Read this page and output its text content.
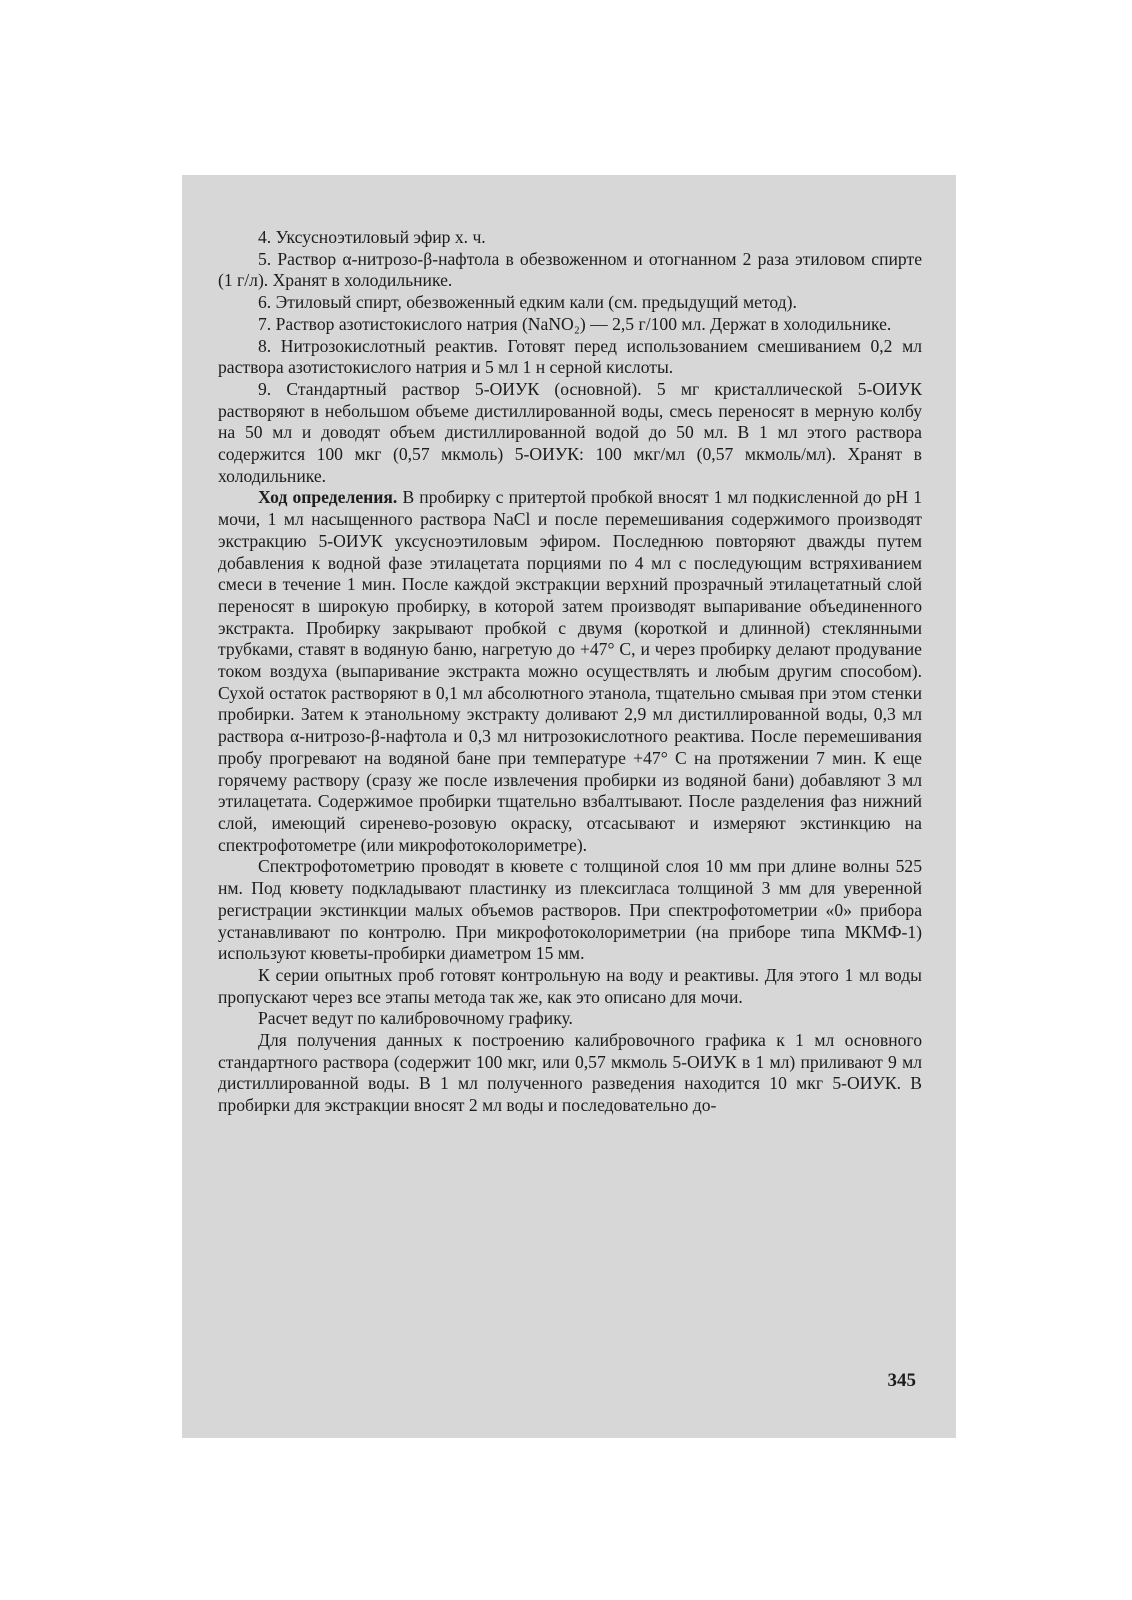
4. Уксусноэтиловый эфир х. ч.

5. Раствор α-нитрозо-β-нафтола в обезвоженном и отогнанном 2 раза этиловом спирте (1 г/л). Хранят в холодильнике.

6. Этиловый спирт, обезвоженный едким кали (см. предыдущий метод).

7. Раствор азотистокислого натрия (NaNO₂) — 2,5 г/100 мл. Держат в холодильнике.

8. Нитрозокислотный реактив. Готовят перед использованием смешиванием 0,2 мл раствора азотистокислого натрия и 5 мл 1 н серной кислоты.

9. Стандартный раствор 5-ОИУК (основной). 5 мг кристаллической 5-ОИУК растворяют в небольшом объеме дистиллированной воды, смесь переносят в мерную колбу на 50 мл и доводят объем дистиллированной водой до 50 мл. В 1 мл этого раствора содержится 100 мкг (0,57 мкмоль) 5-ОИУК: 100 мкг/мл (0,57 мкмоль/мл). Хранят в холодильнике.

Ход определения. В пробирку с притертой пробкой вносят 1 мл подкисленной до pH 1 мочи, 1 мл насыщенного раствора NaCl и после перемешивания содержимого производят экстракцию 5-ОИУК уксусноэтиловым эфиром. Последнюю повторяют дважды путем добавления к водной фазе этилацетата порциями по 4 мл с последующим встряхиванием смеси в течение 1 мин. После каждой экстракции верхний прозрачный этилацетатный слой переносят в широкую пробирку, в которой затем производят выпаривание объединенного экстракта. Пробирку закрывают пробкой с двумя (короткой и длинной) стеклянными трубками, ставят в водяную баню, нагретую до +47° С, и через пробирку делают продувание током воздуха (выпаривание экстракта можно осуществлять и любым другим способом). Сухой остаток растворяют в 0,1 мл абсолютного этанола, тщательно смывая при этом стенки пробирки. Затем к этанольному экстракту доливают 2,9 мл дистиллированной воды, 0,3 мл раствора α-нитрозо-β-нафтола и 0,3 мл нитрозокислотного реактива. После перемешивания пробу прогревают на водяной бане при температуре +47° С на протяжении 7 мин. К еще горячему раствору (сразу же после извлечения пробирки из водяной бани) добавляют 3 мл этилацетата. Содержимое пробирки тщательно взбалтывают. После разделения фаз нижний слой, имеющий сиреневo-розовую окраску, отсасывают и измеряют экстинкцию на спектрофотометре (или микрофотоколориметре).

Спектрофотометрию проводят в кювете с толщиной слоя 10 мм при длине волны 525 нм. Под кювету подкладывают пластинку из плексиглаcа толщиной 3 мм для уверенной регистрации экстинкции малых объемов растворов. При спектрофотометрии «0» прибора устанавливают по контролю. При микрофотоколориметрии (на приборе типа МКМФ-1) используют кюветы-пробирки диаметром 15 мм.

К серии опытных проб готовят контрольную на воду и реактивы. Для этого 1 мл воды пропускают через все этапы метода так же, как это описано для мочи.

Расчет ведут по калибровочному графику.

Для получения данных к построению калибровочного графика к 1 мл основного стандартного раствора (содержит 100 мкг, или 0,57 мкмоль 5-ОИУК в 1 мл) приливают 9 мл дистиллированной воды. В 1 мл полученного разведения находится 10 мкг 5-ОИУК. В пробирки для экстракции вносят 2 мл воды и последовательно до-

345
